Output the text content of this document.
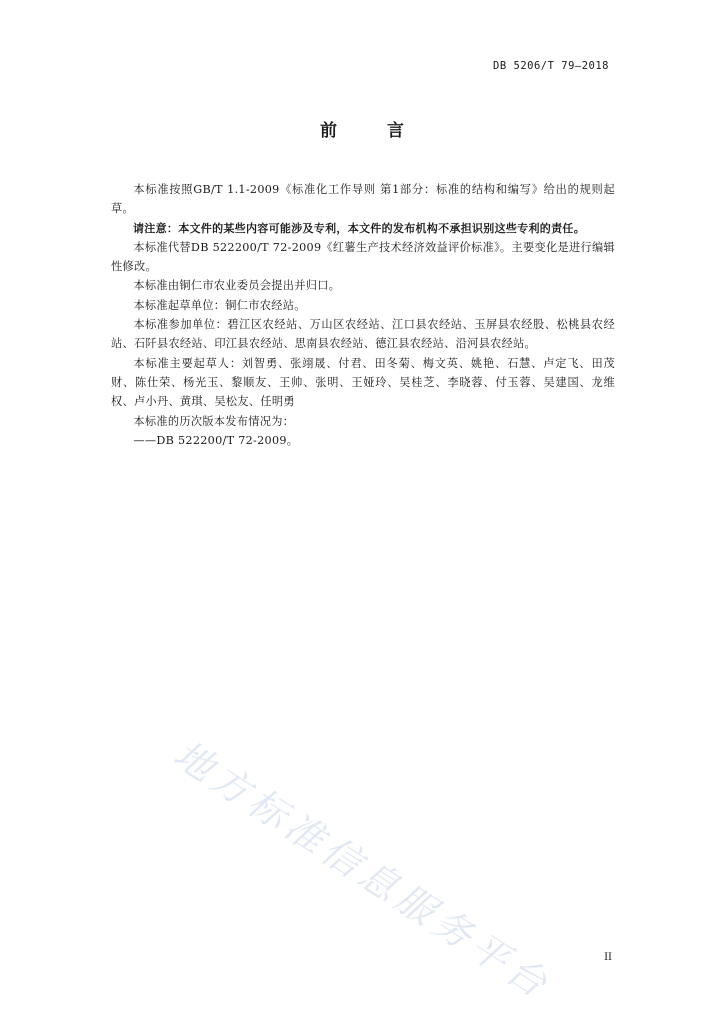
DB 5206/T 79—2018
前 言

本标准按照GB/T 1.1-2009《标准化工作导则 第1部分：标准的结构和编写》给出的规则起草。

请注意：本文件的某些内容可能涉及专利，本文件的发布机构不承担识别这些专利的责任。

本标准代替DB 522200/T 72-2009《红薯生产技术经济效益评价标准》。主要变化是进行编辑性修改。

本标准由铜仁市农业委员会提出并归口。

本标准起草单位：铜仁市农经站。

本标准参加单位：碧江区农经站、万山区农经站、江口县农经站、玉屏县农经股、松桃县农经站、石阡县农经站、印江县农经站、思南县农经站、德江县农经站、沿河县农经站。

本标准主要起草人：刘智勇、张翊晟、付君、田冬菊、梅文英、姚艳、石慧、卢定飞、田茂财、陈仕荣、杨光玉、黎顺友、王帅、张明、王娅玲、吴桂芝、李晓蓉、付玉蓉、吴建国、龙维权、卢小丹、黄琪、吴松友、任明勇

本标准的历次版本发布情况为：

——DB 522200/T 72-2009。

地方标准信息服务平台	II
